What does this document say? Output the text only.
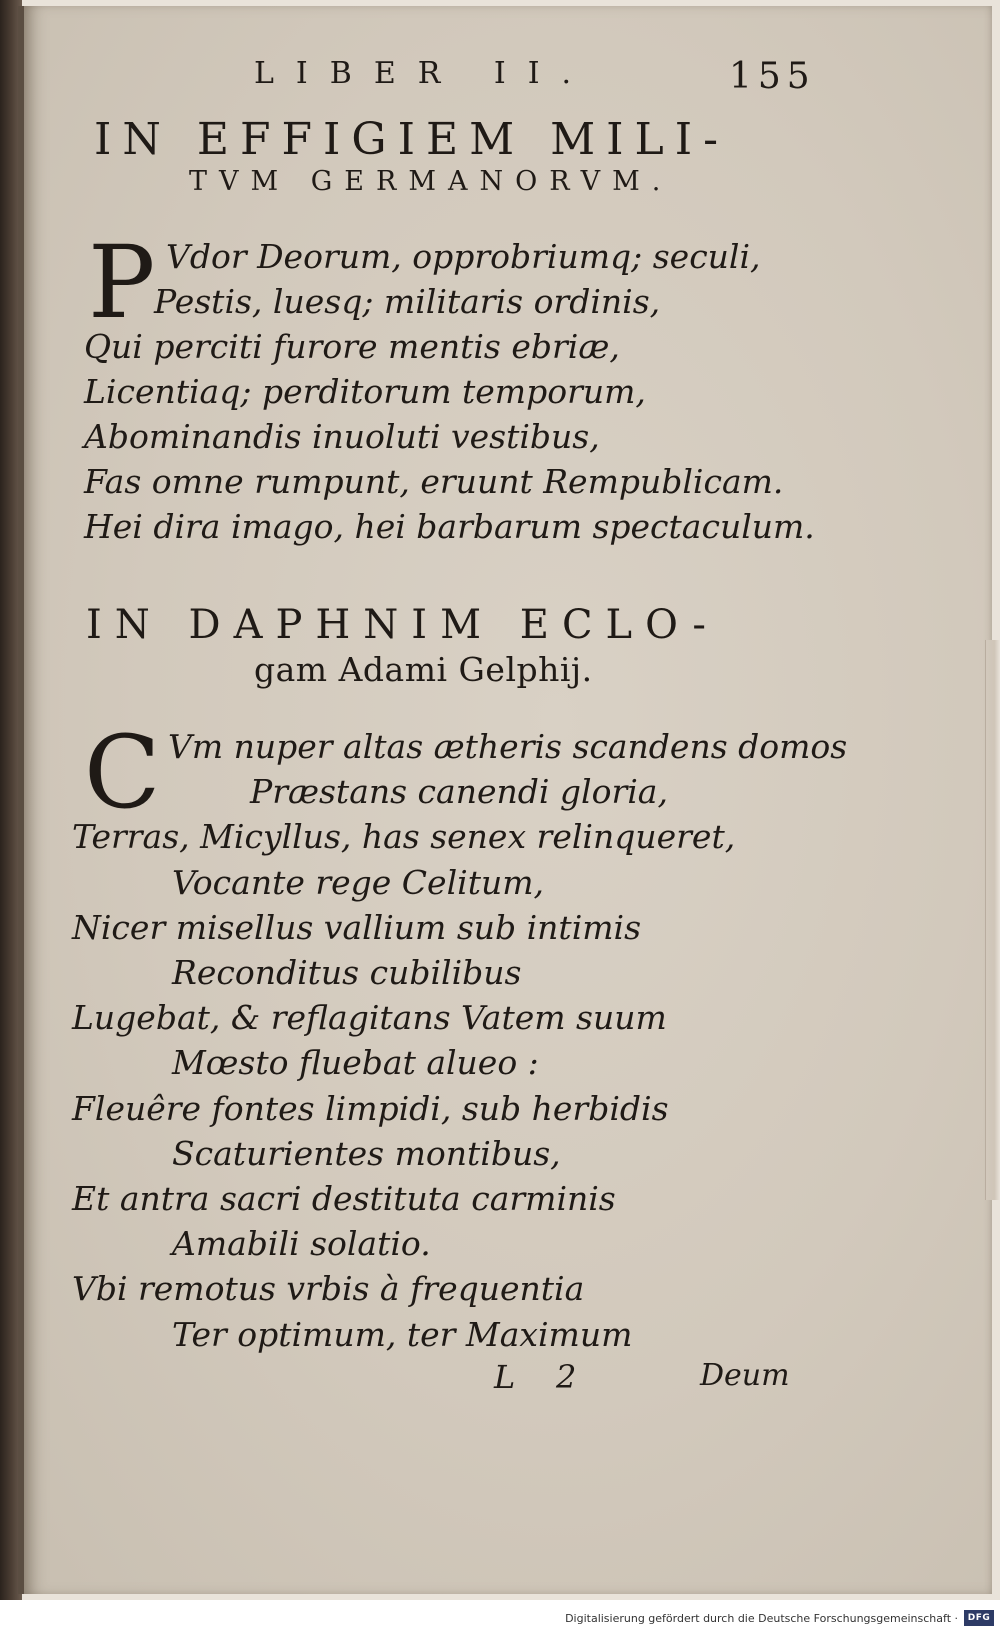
LIBER II.	155
IN EFFIGIEM MILI-
TVM GERMANORVM.
P Vdor Deorum, opprobriumq; seculi,
Pestis, luesq; militaris ordinis,
Qui perciti furore mentis ebriæ,
Licentiaq; perditorum temporum,
Abominandis inuoluti vestibus,
Fas omne rumpunt, eruunt Rempublicam.
Hei dira imago, hei barbarum spectaculum.
IN DAPHNIM ECLO-
gam Adami Gelphij.
C Vm nuper altas ætheris scandens domos
Præstans canendi gloria,
Terras, Micyllus, has senex relinqueret,
Vocante rege Celitum,
Nicer misellus vallium sub intimis
Reconditus cubilibus
Lugebat, & reflagitans Vatem suum
Mœsto fluebat alueo :
Fleuêre fontes limpidi, sub herbidis
Scaturientes montibus,
Et antra sacri destituta carminis
Amabili solatio.
Vbi remotus vrbis à frequentia
Ter optimum, ter Maximum
L 2	Deum
Digitalisierung gefördert durch die Deutsche Forschungsgemeinschaft ·	DFG
